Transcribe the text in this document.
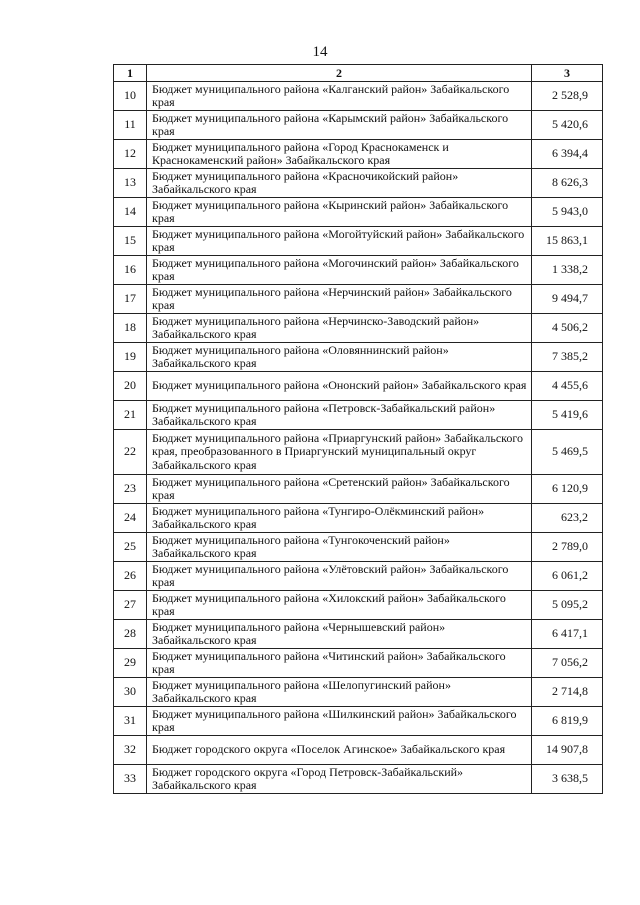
14
1	2	3
10	Бюджет муниципального района «Калганский район» Забайкальского края	2 528,9
11	Бюджет муниципального района «Карымский район» Забайкальского края	5 420,6
12	Бюджет муниципального района «Город Краснокаменск и Краснокаменский район» Забайкальского края	6 394,4
13	Бюджет муниципального района «Красночикойский район» Забайкальского края	8 626,3
14	Бюджет муниципального района «Кыринский район» Забайкальского края	5 943,0
15	Бюджет муниципального района «Могойтуйский район» Забайкальского края	15 863,1
16	Бюджет муниципального района «Могочинский район» Забайкальского края	1 338,2
17	Бюджет муниципального района «Нерчинский район» Забайкальского края	9 494,7
18	Бюджет муниципального района «Нерчинско-Заводский район» Забайкальского края	4 506,2
19	Бюджет муниципального района «Оловяннинский район» Забайкальского края	7 385,2
20	Бюджет муниципального района «Ононский район» Забайкальского края	4 455,6
21	Бюджет муниципального района «Петровск-Забайкальский район» Забайкальского края	5 419,6
22	Бюджет муниципального района «Приаргунский район» Забайкальского края, преобразованного в Приаргунский муниципальный округ Забайкальского края	5 469,5
23	Бюджет муниципального района «Сретенский район» Забайкальского края	6 120,9
24	Бюджет муниципального района «Тунгиро-Олёкминский район» Забайкальского края	623,2
25	Бюджет муниципального района «Тунгокоченский район» Забайкальского края	2 789,0
26	Бюджет муниципального района «Улётовский район» Забайкальского края	6 061,2
27	Бюджет муниципального района «Хилокский район» Забайкальского края	5 095,2
28	Бюджет муниципального района «Чернышевский район» Забайкальского края	6 417,1
29	Бюджет муниципального района «Читинский район» Забайкальского края	7 056,2
30	Бюджет муниципального района «Шелопугинский район» Забайкальского края	2 714,8
31	Бюджет муниципального района «Шилкинский район» Забайкальского края	6 819,9
32	Бюджет городского округа «Поселок Агинское» Забайкальского края	14 907,8
33	Бюджет городского округа «Город Петровск-Забайкальский» Забайкальского края	3 638,5
